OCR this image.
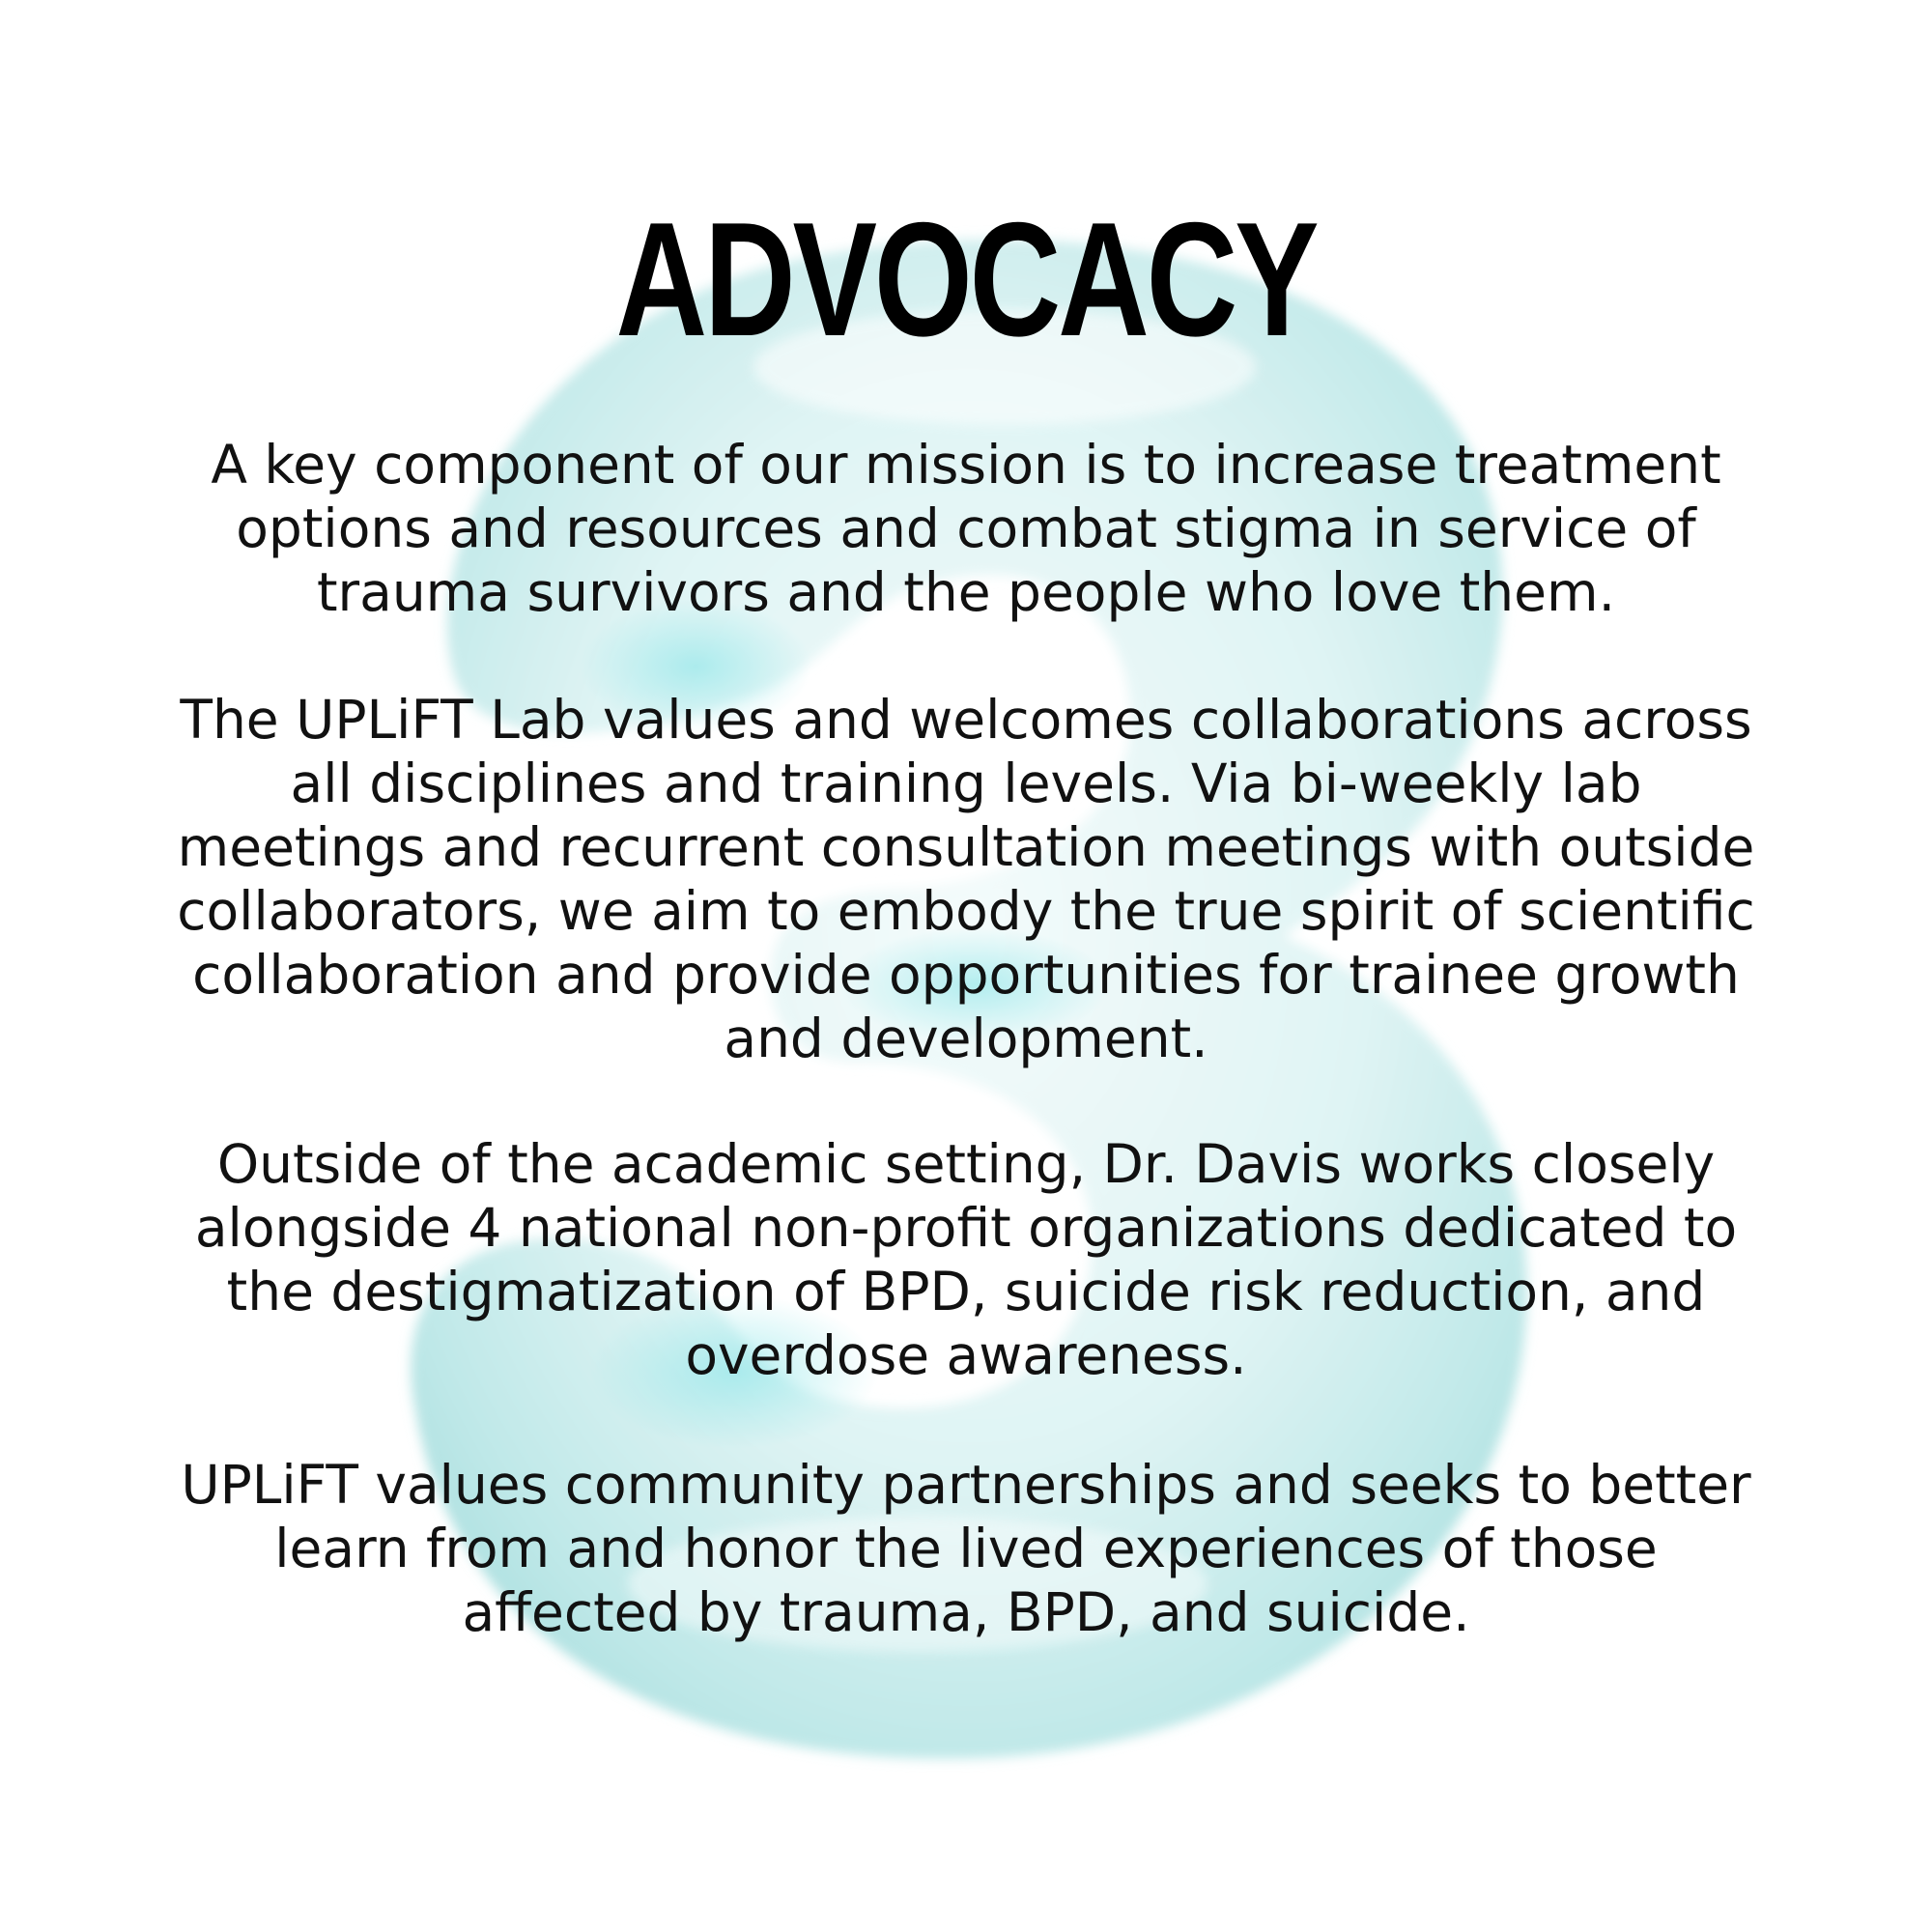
ADVOCACY

A key component of our mission is to increase treatment options and resources and combat stigma in service of trauma survivors and the people who love them.

The UPLiFT Lab values and welcomes collaborations across all disciplines and training levels. Via bi-weekly lab meetings and recurrent consultation meetings with outside collaborators, we aim to embody the true spirit of scientific collaboration and provide opportunities for trainee growth and development.

Outside of the academic setting, Dr. Davis works closely alongside 4 national non-profit organizations dedicated to the destigmatization of BPD, suicide risk reduction, and overdose awareness.

UPLiFT values community partnerships and seeks to better learn from and honor the lived experiences of those affected by trauma, BPD, and suicide.
